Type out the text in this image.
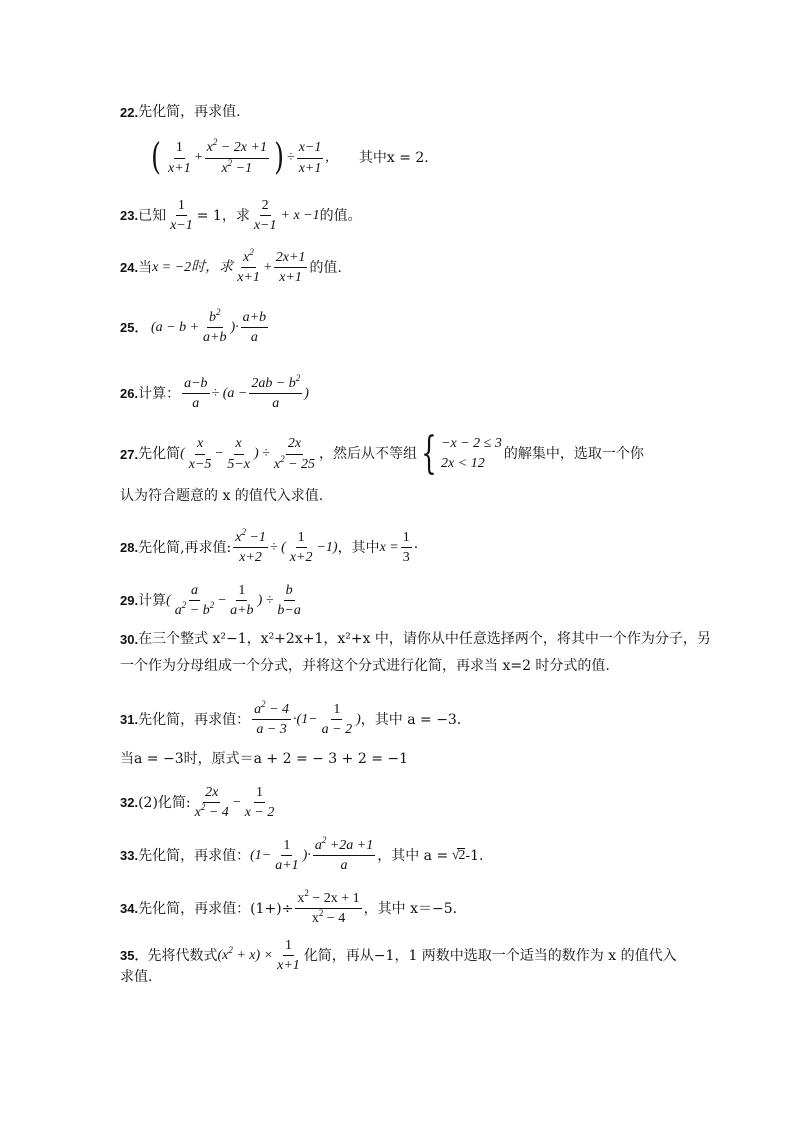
22. 先化简，再求值.
( $\frac{1}{x+1} + \frac{x^2 - 2x +1}{x^2 -1}$ ) ÷ $\frac{x-1}{x+1}$ , 其中x = 2.
23. 已知 $\frac{1}{x-1} = 1$，求 $\frac{2}{x-1} + x -1$ 的值。
24. 当 x = −2时，求 $\frac{x^2}{x+1} + \frac{2x+1}{x+1}$ 的值.
25． ($a - b + \frac{b^2}{a+b}$ )· $\frac{a+b}{a}$
26. 计算： $\frac{a-b}{a} \div (a - \frac{2ab - b^2}{a}$ )
27. 先化简 ( $\frac{x}{x-5} - \frac{x}{5-x}$ ) ÷ $\frac{2x}{x^2 - 25}$ ，然后从不等组 { −x − 2 ≤ 3
2x < 12
的解集中，选取一个你
认为符合题意的 x 的值代入求值.
28. 先化简,再求值: $\frac{x^2 -1}{x+2}$ ÷ ( $\frac{1}{x+2} -1$) ，其中 $x = \frac{1}{3}$ ·
29. 计算 ( $\frac{a}{a^2 - b^2} - \frac{1}{a+b}$ ) ÷ $\frac{b}{b-a}$
30. 在三个整式 x²−1，x²+2x+1，x²+x 中，请你从中任意选择两个，将其中一个作为分子，另
一个作为分母组成一个分式，并将这个分式进行化简，再求当 x=2 时分式的值.
31. 先化简，再求值： $\frac{a^2 - 4}{a - 3} \cdot(1- \frac{1}{a - 2}$ ) ，其中 a = −3．
当a = −3时，原式＝a + 2 = − 3 + 2 = −1
32. (2)化简: $\frac{2x}{x^2 - 4} - \frac{1}{x - 2}$
33. 先化简，再求值： ($1- \frac{1}{a+1}$ )· $\frac{a^2 +2a +1}{a}$ ，其中 a = √2 -1.
34. 先化简，再求值：$(1+)\div \frac{x^2 - 2x + 1}{x^2 - 4}$ ，其中 x＝−5．
35． 先将代数式 $(x^2 + x) \times \frac{1}{x+1}$ 化简，再从−1，1 两数中选取一个适当的数作为 x 的值代入
求值.
